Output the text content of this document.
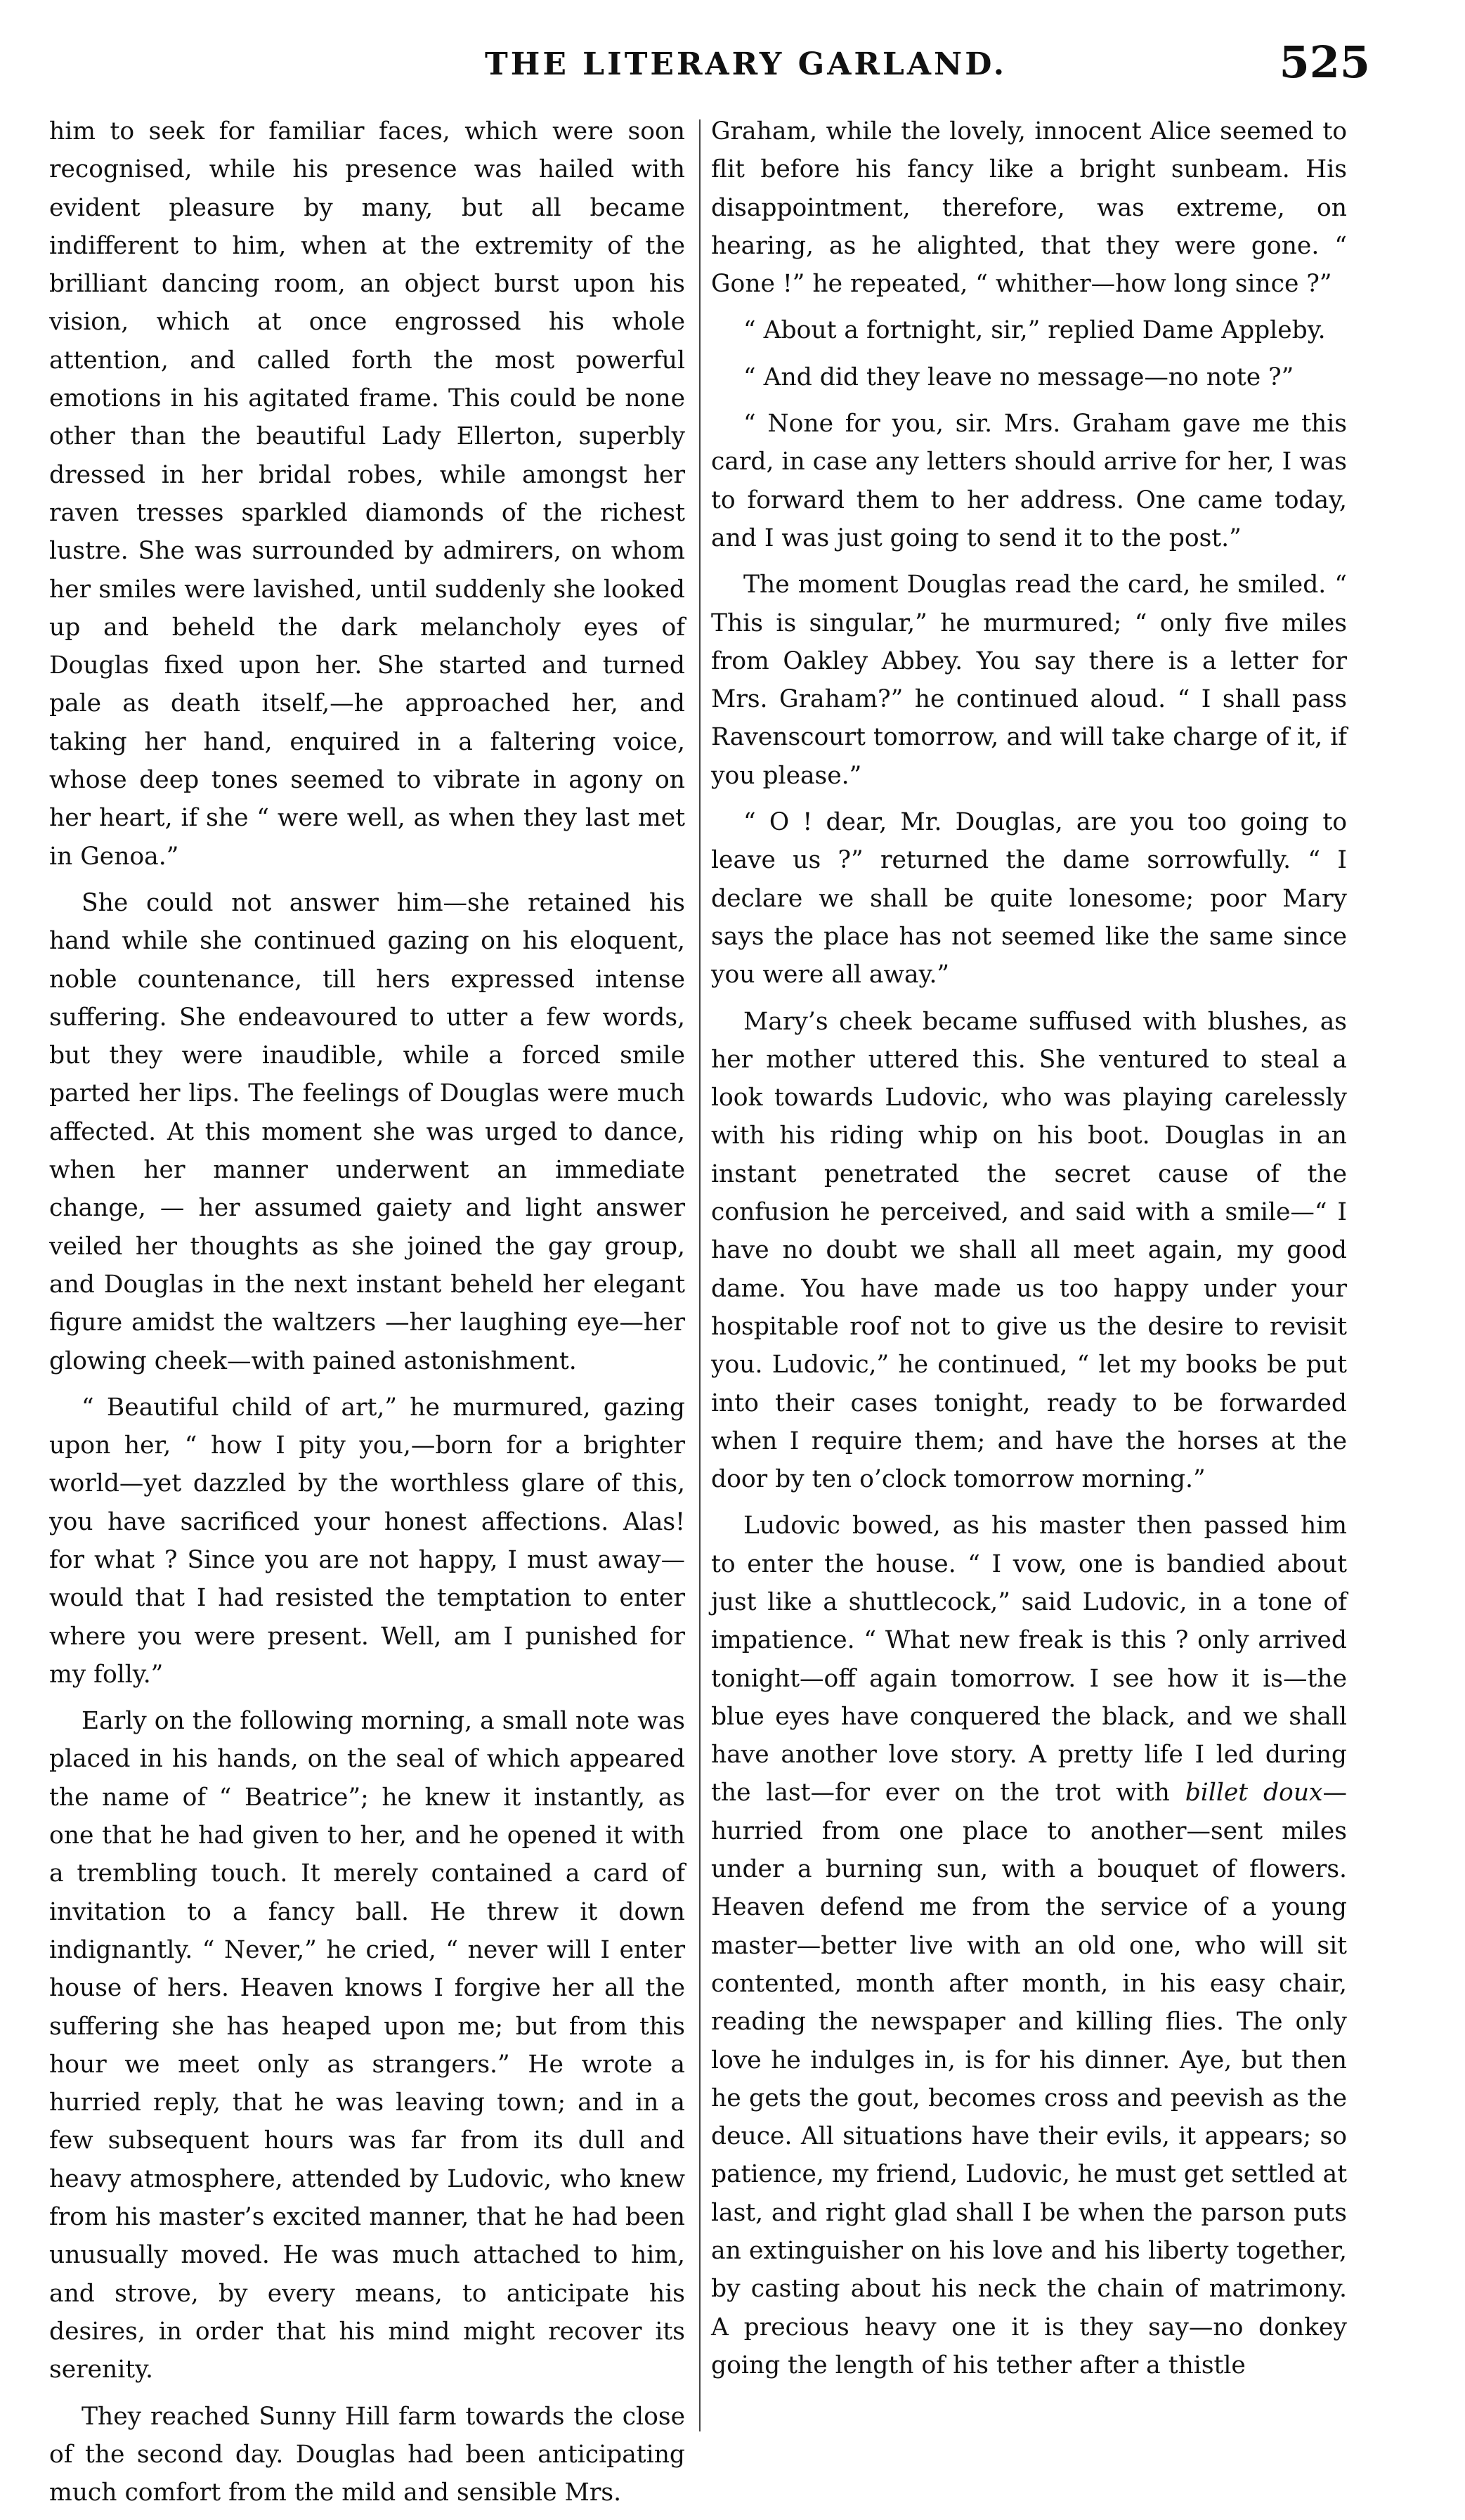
THE LITERARY GARLAND.	525

him to seek for familiar faces, which were soon recognised, while his presence was hailed with evident pleasure by many, but all became indifferent to him, when at the extremity of the brilliant dancing room, an object burst upon his vision, which at once engrossed his whole attention, and called forth the most powerful emotions in his agitated frame. This could be none other than the beautiful Lady Ellerton, superbly dressed in her bridal robes, while amongst her raven tresses sparkled diamonds of the richest lustre. She was surrounded by admirers, on whom her smiles were lavished, until suddenly she looked up and beheld the dark melancholy eyes of Douglas fixed upon her. She started and turned pale as death itself,—he approached her, and taking her hand, enquired in a faltering voice, whose deep tones seemed to vibrate in agony on her heart, if she “ were well, as when they last met in Genoa.”

She could not answer him—she retained his hand while she continued gazing on his eloquent, noble countenance, till hers expressed intense suffering. She endeavoured to utter a few words, but they were inaudible, while a forced smile parted her lips. The feelings of Douglas were much affected. At this moment she was urged to dance, when her manner underwent an immediate change, — her assumed gaiety and light answer veiled her thoughts as she joined the gay group, and Douglas in the next instant beheld her elegant figure amidst the waltzers —her laughing eye—her glowing cheek—with pained astonishment.

“ Beautiful child of art,” he murmured, gazing upon her, “ how I pity you,—born for a brighter world—yet dazzled by the worthless glare of this, you have sacrificed your honest affections. Alas! for what ? Since you are not happy, I must away—would that I had resisted the temptation to enter where you were present. Well, am I punished for my folly.”

Early on the following morning, a small note was placed in his hands, on the seal of which appeared the name of “ Beatrice”; he knew it instantly, as one that he had given to her, and he opened it with a trembling touch. It merely contained a card of invitation to a fancy ball. He threw it down indignantly. “ Never,” he cried, “ never will I enter house of hers. Heaven knows I forgive her all the suffering she has heaped upon me; but from this hour we meet only as strangers.” He wrote a hurried reply, that he was leaving town; and in a few subsequent hours was far from its dull and heavy atmosphere, attended by Ludovic, who knew from his master’s excited manner, that he had been unusually moved. He was much attached to him, and strove, by every means, to anticipate his desires, in order that his mind might recover its serenity.

They reached Sunny Hill farm towards the close of the second day. Douglas had been anticipating much comfort from the mild and sensible Mrs.

Graham, while the lovely, innocent Alice seemed to flit before his fancy like a bright sunbeam. His disappointment, therefore, was extreme, on hearing, as he alighted, that they were gone. “ Gone !” he repeated, “ whither—how long since ?”

“ About a fortnight, sir,” replied Dame Appleby.

“ And did they leave no message—no note ?”

“ None for you, sir. Mrs. Graham gave me this card, in case any letters should arrive for her, I was to forward them to her address. One came today, and I was just going to send it to the post.”

The moment Douglas read the card, he smiled. “ This is singular,” he murmured; “ only five miles from Oakley Abbey. You say there is a letter for Mrs. Graham?” he continued aloud. “ I shall pass Ravenscourt tomorrow, and will take charge of it, if you please.”

“ O ! dear, Mr. Douglas, are you too going to leave us ?” returned the dame sorrowfully. “ I declare we shall be quite lonesome; poor Mary says the place has not seemed like the same since you were all away.”

Mary’s cheek became suffused with blushes, as her mother uttered this. She ventured to steal a look towards Ludovic, who was playing carelessly with his riding whip on his boot. Douglas in an instant penetrated the secret cause of the confusion he perceived, and said with a smile—“ I have no doubt we shall all meet again, my good dame. You have made us too happy under your hospitable roof not to give us the desire to revisit you. Ludovic,” he continued, “ let my books be put into their cases tonight, ready to be forwarded when I require them; and have the horses at the door by ten o’clock tomorrow morning.”

Ludovic bowed, as his master then passed him to enter the house. “ I vow, one is bandied about just like a shuttlecock,” said Ludovic, in a tone of impatience. “ What new freak is this ? only arrived tonight—off again tomorrow. I see how it is—the blue eyes have conquered the black, and we shall have another love story. A pretty life I led during the last—for ever on the trot with billet doux—hurried from one place to another—sent miles under a burning sun, with a bouquet of flowers. Heaven defend me from the service of a young master—better live with an old one, who will sit contented, month after month, in his easy chair, reading the newspaper and killing flies. The only love he indulges in, is for his dinner. Aye, but then he gets the gout, becomes cross and peevish as the deuce. All situations have their evils, it appears; so patience, my friend, Ludovic, he must get settled at last, and right glad shall I be when the parson puts an extinguisher on his love and his liberty together, by casting about his neck the chain of matrimony. A precious heavy one it is they say—no donkey going the length of his tether after a thistle
